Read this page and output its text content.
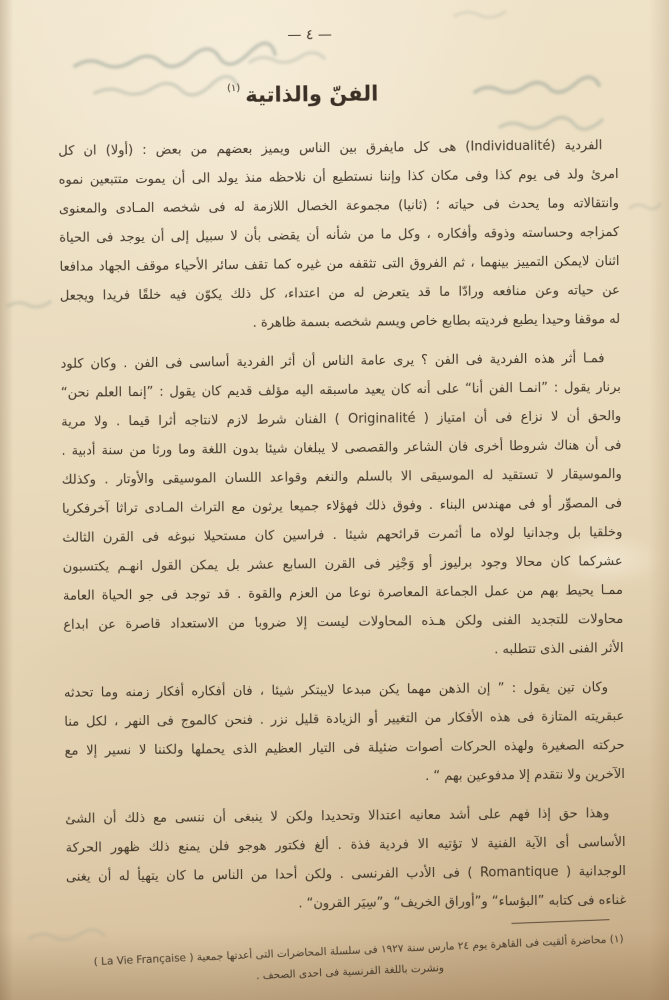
— ٤ —
الفنّ والذاتية$^{(١)}$
الفردية (Individualité) هى كل مايفرق بين الناس ويميز بعضهم من بعض : (أولا) ان كل
امرئ ولد فى يوم كذا وفى مكان كذا وإننا نستطيع أن نلاحظه منذ يولد الى أن يموت متتبعين نموه
وانتقالاته وما يحدث فى حياته ؛ (ثانيا) مجموعة الخصال اللازمة له فى شخصه المـادى والمعنوى
كمزاجه وحساسته وذوقه وأفكاره ، وكل ما من شأنه أن يقضى بأن لا سبيل إلى أن يوجد فى الحياة
اثنان لايمكن التمييز بينهما ، ثم الفروق التى تثقفه من غيره كما تقف سائر الأحياء موقف الجهاد مدافعا
عن حياته وعن منافعه ورادّا ما قد يتعرض له من اعتداء، كل ذلك يكوّن فيه خلقًا فريدا ويجعل
له موقفا وحيدا يطبع فرديته بطابع خاص ويسم شخصه بسمة ظاهرة .
فمـا أثر هذه الفردية فى الفن ؟ يرى عامة الناس أن أثر الفردية أساسى فى الفن . وكان كلود
برنار يقول : ”انمـا الفن أنا“ على أنه كان يعيد ماسبقه اليه مؤلف قديم كان يقول : ”إنما العلم نحن“
والحق أن لا نزاع فى أن امتياز ( Originalité ) الفنان شرط لازم لانتاجه أثرا قيما . ولا مرية
فى أن هناك شروطا أخرى فان الشاعر والقصصى لا يبلغان شيئا بدون اللغة وما ورثا من سنة أدبية .
والموسيقار لا تستقيد له الموسيقى الا بالسلم والنغم وقواعد اللسان الموسيقى والأوتار . وكذلك
فى المصوِّر أو فى مهندس البناء . وفوق ذلك فهؤلاء جميعا يرثون مع التراث المـادى تراثا آخرفكريا
وخلقيا بل وجدانيا لولاه ما أثمرت قرائحهم شيئا . فراسين كان مستحيلا نبوغه فى القرن الثالث
عشركما كان محالا وجود برليوز أو وَجْنِر فى القرن السابع عشر بل يمكن القول انهـم يكتسبون
ممـا يحيط بهم من عمل الجماعة المعاصرة نوعا من العزم والقوة . قد توجد فى جو الحياة العامة
محاولات للتجديد الفنى ولكن هـذه المحاولات ليست إلا ضروبا من الاستعداد قاصرة عن ابداع
الأثر الفنى الذى تتطلبه .
وكان تين يقول : ” إن الذهن مهما يكن مبدعا لايبتكر شيئا ، فان أفكاره أفكار زمنه وما تحدثه
عبقريته المتازة فى هذه الأفكار من التغيير أو الزيادة قليل نزر . فنحن كالموج فى النهر ، لكل منا
حركته الصغيرة ولهذه الحركات أصوات ضئيلة فى التيار العظيم الذى يحملها ولكننا لا نسير إلا مع
الآخرين ولا نتقدم إلا مدفوعين بهم “ .
وهذا حق إذا فهم على أشد معانيه اعتدالا وتحديدا ولكن لا ينبغى أن ننسى مع ذلك أن الشئ
الأساسى أى الآية الفنية لا تؤتيه الا فردية فذة . ألغ فكتور هوجو فلن يمنع ذلك ظهور الحركة
الوجدانية ( Romantique ) فى الأدب الفرنسى . ولكن أحدا من الناس ما كان يتهيأ له أن يغنى
غناءه فى كتابه ”البؤساء“ و”أوراق الخريف“ و”سِيَر القرون“ .
(١) محاضرة ألقيت فى القاهرة يوم ٢٤ مارس سنة ١٩٢٧ فى سلسلة المحاضرات التى أعدتها جمعية ( La Vie Française )
ونشرت باللغة الفرنسية فى احدى الصحف .
